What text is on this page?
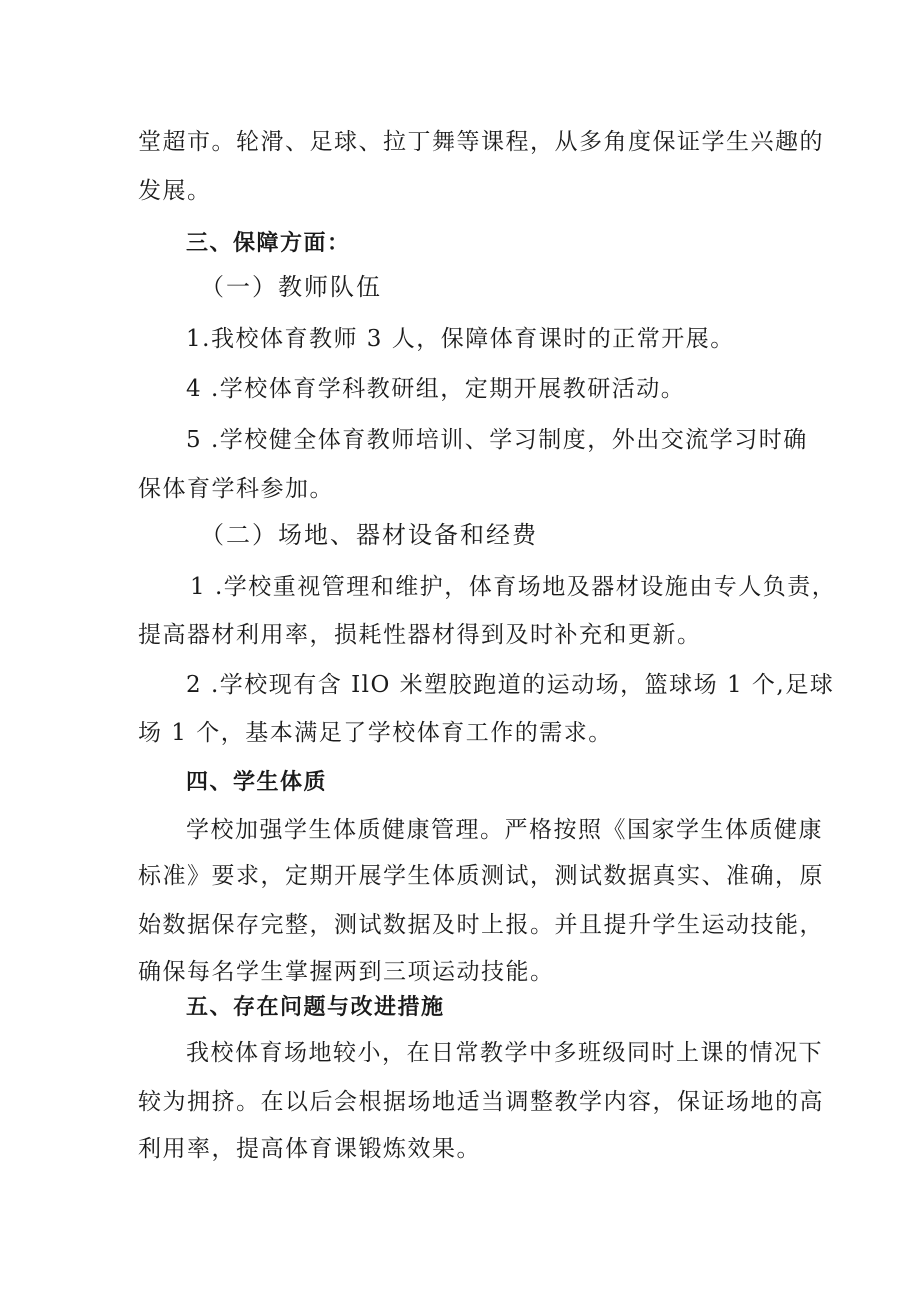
堂超市。轮滑、足球、拉丁舞等课程，从多角度保证学生兴趣的
发展。
三、保障方面：
（一）教师队伍
1.我校体育教师 3 人，保障体育课时的正常开展。
4 .学校体育学科教研组，定期开展教研活动。
5 .学校健全体育教师培训、学习制度，外出交流学习时确
保体育学科参加。
（二）场地、器材设备和经费
1 .学校重视管理和维护，体育场地及器材设施由专人负责，
提高器材利用率，损耗性器材得到及时补充和更新。
2 .学校现有含 IlO 米塑胶跑道的运动场，篮球场 1 个,足球
场 1 个，基本满足了学校体育工作的需求。
四、学生体质
学校加强学生体质健康管理。严格按照《国家学生体质健康
标准》要求，定期开展学生体质测试，测试数据真实、准确，原
始数据保存完整，测试数据及时上报。并且提升学生运动技能，
确保每名学生掌握两到三项运动技能。
五、存在问题与改进措施
我校体育场地较小，在日常教学中多班级同时上课的情况下
较为拥挤。在以后会根据场地适当调整教学内容，保证场地的高
利用率，提高体育课锻炼效果。
